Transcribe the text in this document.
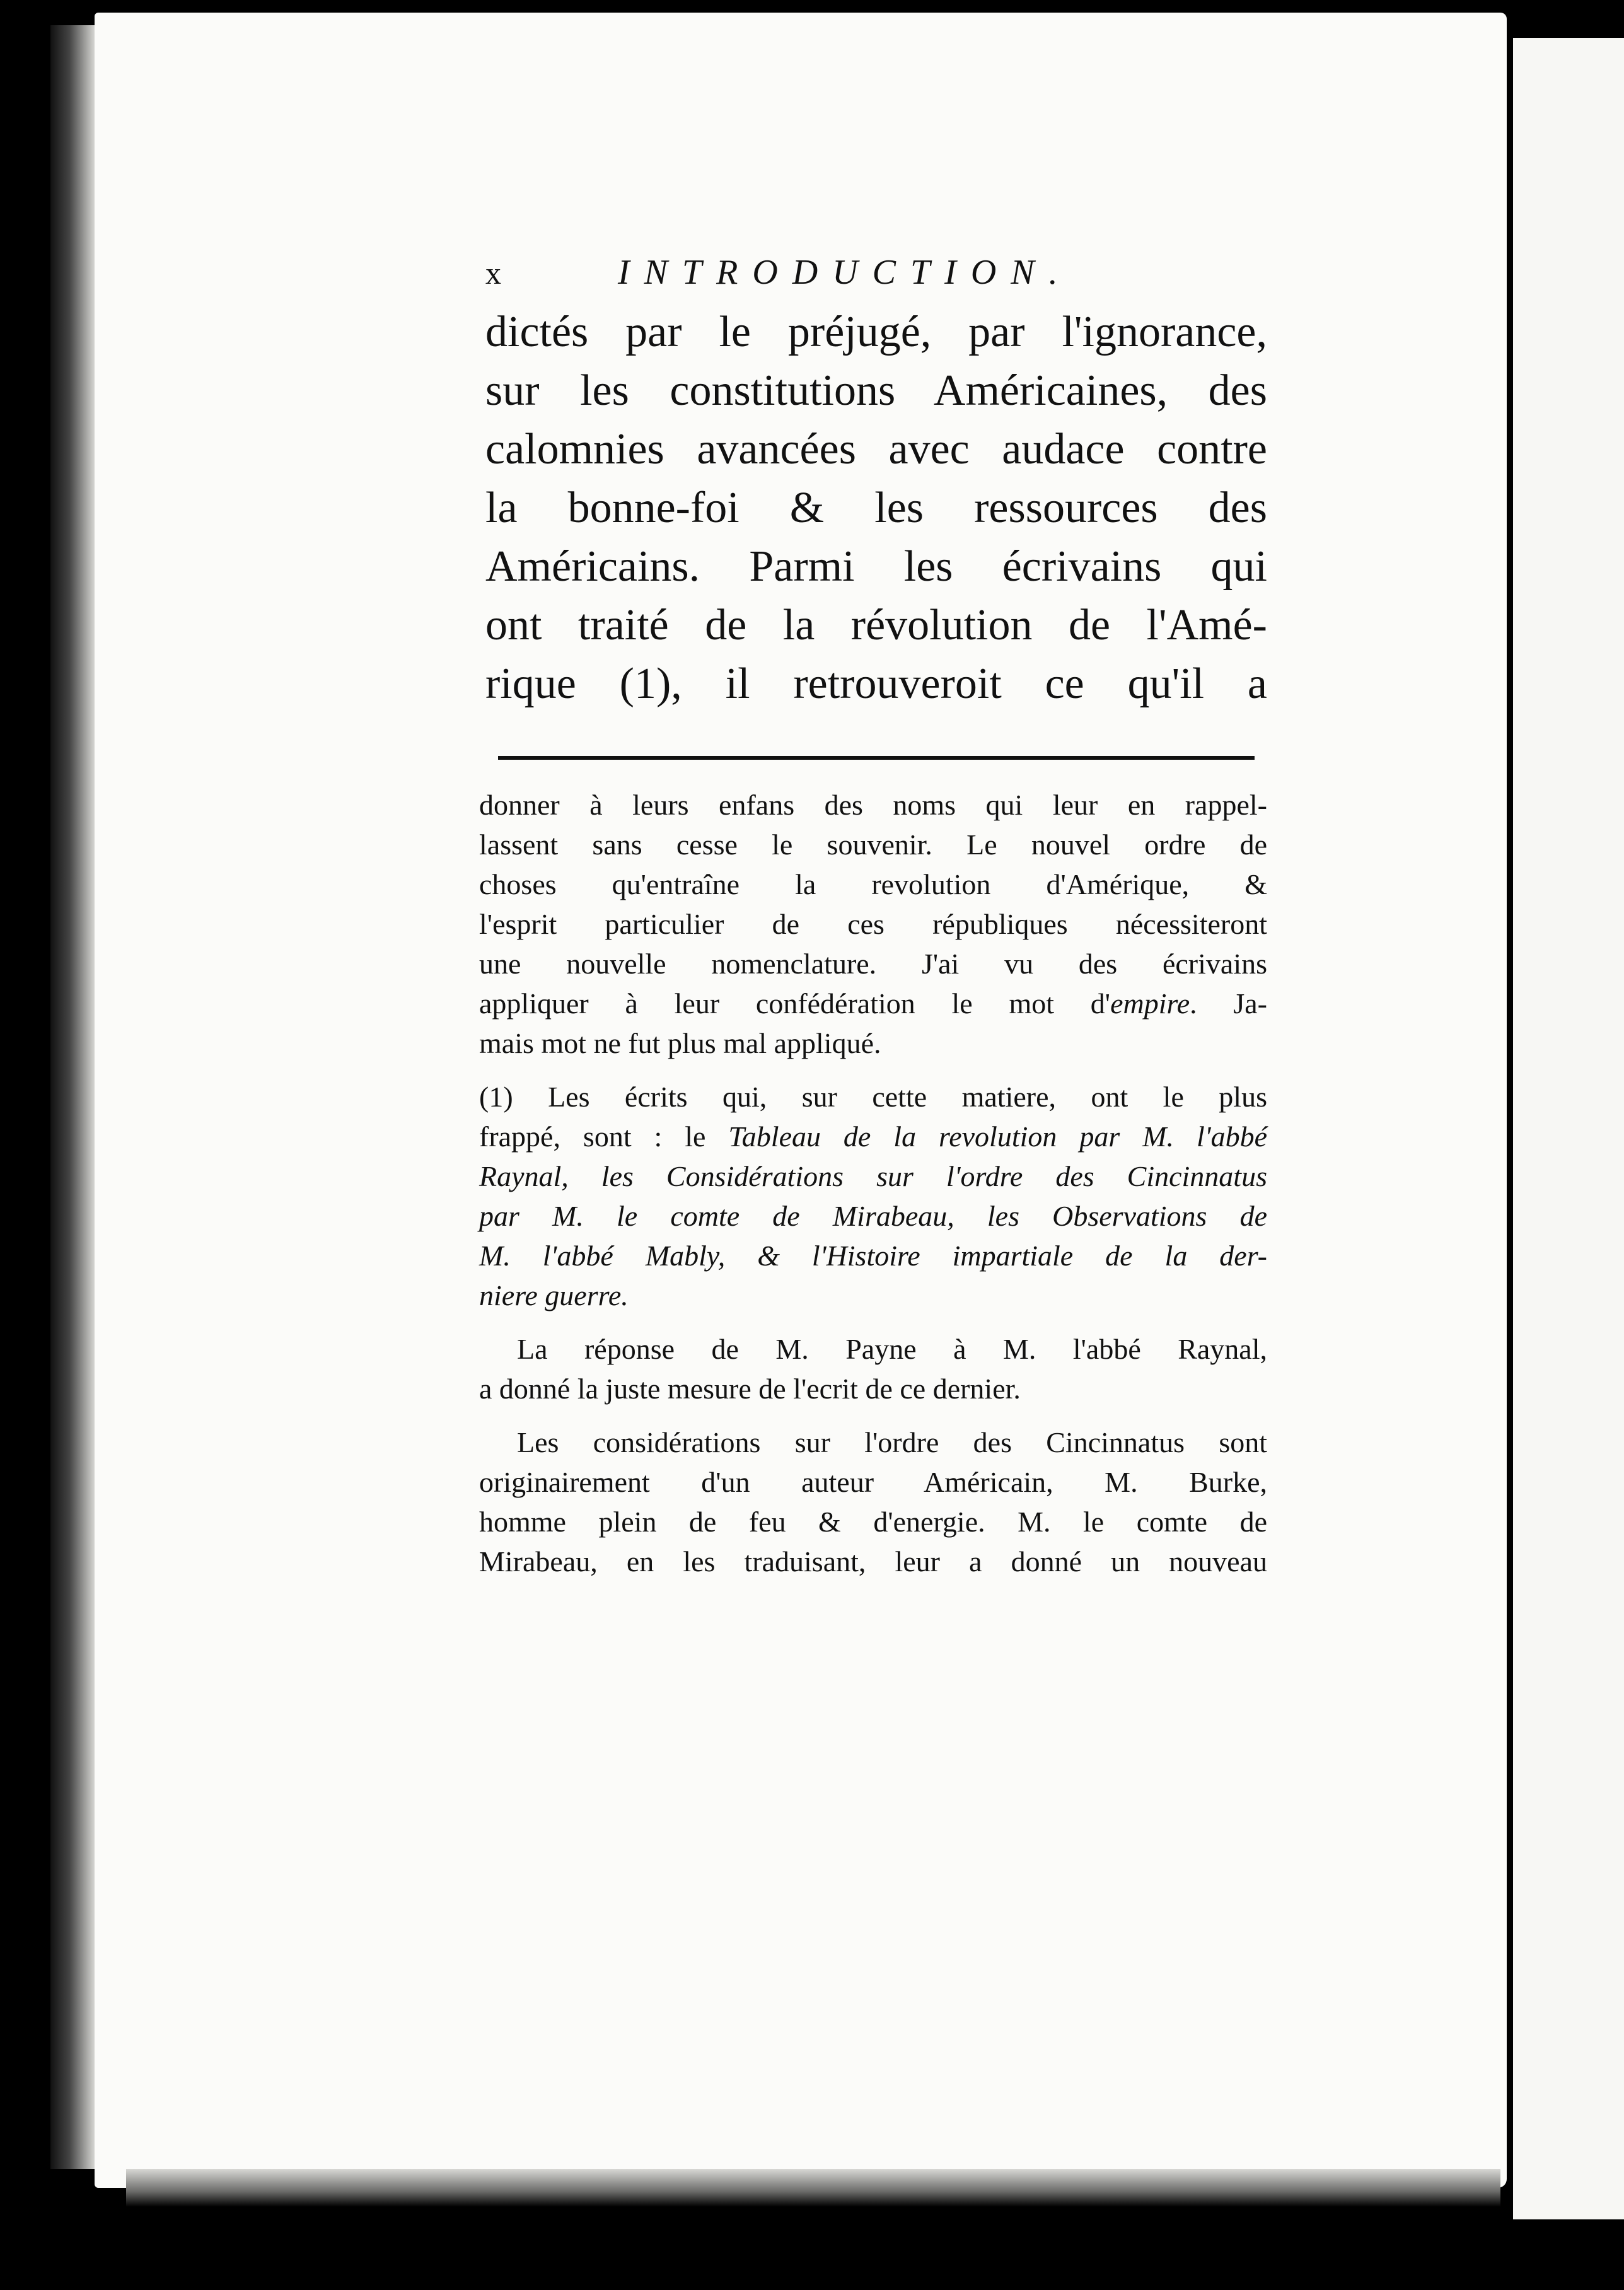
x	INTRODUCTION.
dictés par le préjugé, par l'ignorance,
sur les constitutions Américaines, des
calomnies avancées avec audace contre
la bonne-foi & les ressources des
Américains. Parmi les écrivains qui
ont traité de la révolution de l'Amé-
rique (1), il retrouveroit ce qu'il a
donner à leurs enfans des noms qui leur en rappel-
lassent sans cesse le souvenir. Le nouvel ordre de
choses qu'entraîne la revolution d'Amérique, &
l'esprit particulier de ces républiques nécessiteront
une nouvelle nomenclature. J'ai vu des écrivains
appliquer à leur confédération le mot d'empire. Ja-
mais mot ne fut plus mal appliqué.
(1) Les écrits qui, sur cette matiere, ont le plus
frappé, sont : le Tableau de la revolution par M. l'abbé
Raynal, les Considérations sur l'ordre des Cincinnatus
par M. le comte de Mirabeau, les Observations de
M. l'abbé Mably, & l'Histoire impartiale de la der-
niere guerre.
La réponse de M. Payne à M. l'abbé Raynal,
a donné la juste mesure de l'ecrit de ce dernier.
Les considérations sur l'ordre des Cincinnatus sont
originairement d'un auteur Américain, M. Burke,
homme plein de feu & d'energie. M. le comte de
Mirabeau, en les traduisant, leur a donné un nouveau
